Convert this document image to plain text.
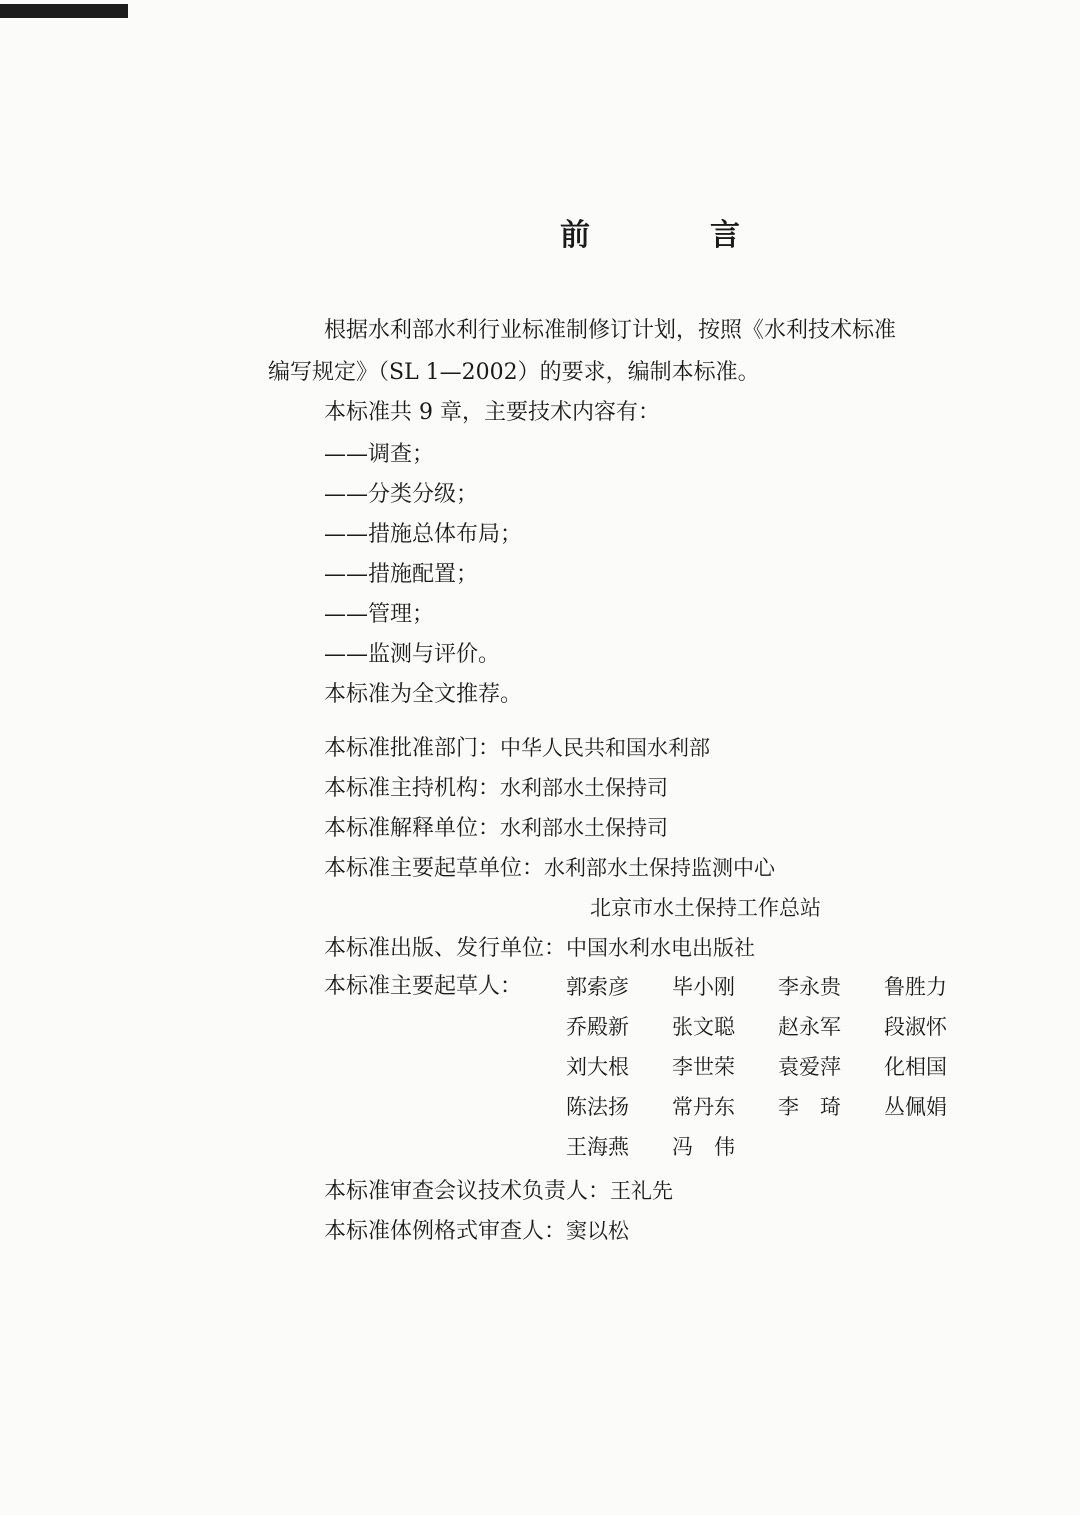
前	言
根据水利部水利行业标准制修订计划，按照《水利技术标准
编写规定》（SL 1—2002）的要求，编制本标准。
本标准共 9 章，主要技术内容有：
——调查；
——分类分级；
——措施总体布局；
——措施配置；
——管理；
——监测与评价。
本标准为全文推荐。
本标准批准部门：中华人民共和国水利部
本标准主持机构：水利部水土保持司
本标准解释单位：水利部水土保持司
本标准主要起草单位：水利部水土保持监测中心
北京市水土保持工作总站
本标准出版、发行单位：中国水利水电出版社
本标准主要起草人： 郭索彦	毕小刚	李永贵	鲁胜力
乔殿新	张文聪	赵永军	段淑怀
刘大根	李世荣	袁爱萍	化相国
陈法扬	常丹东	李　琦	丛佩娟
王海燕	冯　伟
本标准审查会议技术负责人：王礼先
本标准体例格式审查人：窦以松
